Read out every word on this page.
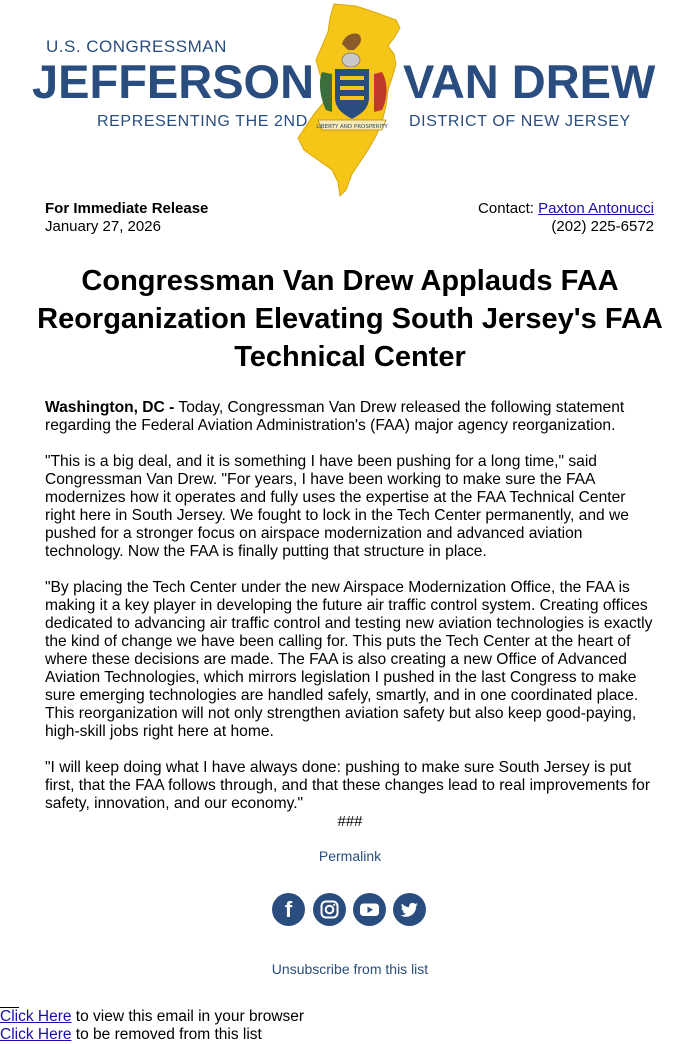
U.S. CONGRESSMAN
JEFFERSON VAN DREW
REPRESENTING THE 2ND	DISTRICT OF NEW JERSEY
LIBERTY AND PROSPERITY
For Immediate Release
January 27, 2026
Contact: Paxton Antonucci
(202) 225-6572
Congressman Van Drew Applauds FAA Reorganization Elevating South Jersey's FAA Technical Center

Washington, DC - Today, Congressman Van Drew released the following statement regarding the Federal Aviation Administration's (FAA) major agency reorganization.

"This is a big deal, and it is something I have been pushing for a long time," said Congressman Van Drew. "For years, I have been working to make sure the FAA modernizes how it operates and fully uses the expertise at the FAA Technical Center right here in South Jersey. We fought to lock in the Tech Center permanently, and we pushed for a stronger focus on airspace modernization and advanced aviation technology. Now the FAA is finally putting that structure in place.

"By placing the Tech Center under the new Airspace Modernization Office, the FAA is making it a key player in developing the future air traffic control system. Creating offices dedicated to advancing air traffic control and testing new aviation technologies is exactly the kind of change we have been calling for. This puts the Tech Center at the heart of where these decisions are made. The FAA is also creating a new Office of Advanced Aviation Technologies, which mirrors legislation I pushed in the last Congress to make sure emerging technologies are handled safely, smartly, and in one coordinated place. This reorganization will not only strengthen aviation safety but also keep good-paying, high-skill jobs right here at home.

"I will keep doing what I have always done: pushing to make sure South Jersey is put first, that the FAA follows through, and that these changes lead to real improvements for safety, innovation, and our economy."

###
Permalink
f
Unsubscribe from this list
Click Here to view this email in your browser
Click Here to be removed from this list
